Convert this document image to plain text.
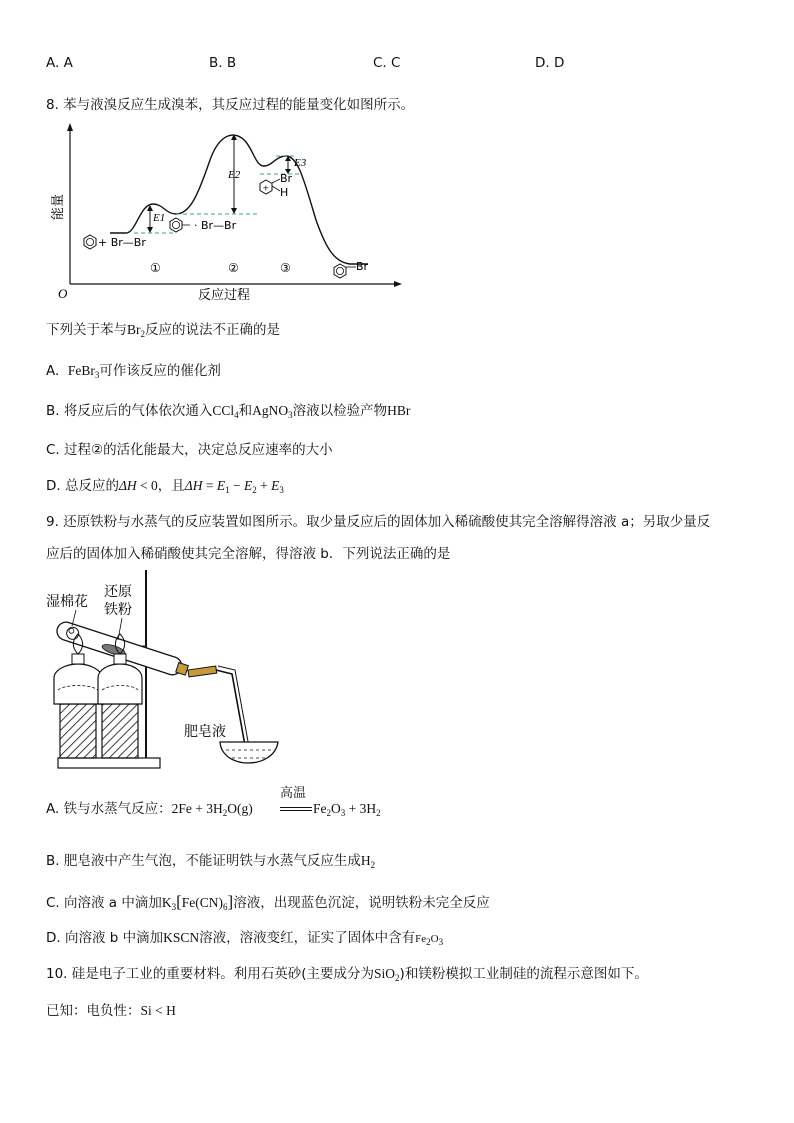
A. A	B. B	C. C	D. D
8. 苯与液溴反应生成溴苯，其反应过程的能量变化如图所示。
O
能量
反应过程
E1
E2
E3
+ Br—Br
· Br—Br
+
Br
H
Br
①	②	③
下列关于苯与$Br_2$反应的说法不正确的是
A. FeBr$_3$可作该反应的催化剂
B. 将反应后的气体依次通入CCl$_4$和AgNO$_3$溶液以检验产物HBr
C. 过程②的活化能最大，决定总反应速率的大小
D. 总反应的ΔH < 0，且$\Delta H = E_1 - E_2 + E_3$
9. 还原铁粉与水蒸气的反应装置如图所示。取少量反应后的固体加入稀硫酸使其完全溶解得溶液 a；另取少量反
应后的固体加入稀硝酸使其完全溶解，得溶液 b．下列说法正确的是
湿棉花
还原
铁粉
肥皂液
A. 铁与水蒸气反应：$2Fe + 3H_2O(g)$
高温
$Fe_2O_3 + 3H_2$
B. 肥皂液中产生气泡，不能证明铁与水蒸气反应生成$H_2$
C. 向溶液 a 中滴加$K_3[Fe(CN)_6]$溶液，出现蓝色沉淀，说明铁粉未完全反应
D. 向溶液 b 中滴加KSCN溶液，溶液变红，证实了固体中含有$Fe_2O_3$
10. 硅是电子工业的重要材料。利用石英砂(主要成分为SiO$_2$)和镁粉模拟工业制硅的流程示意图如下。
已知：电负性：Si < H
